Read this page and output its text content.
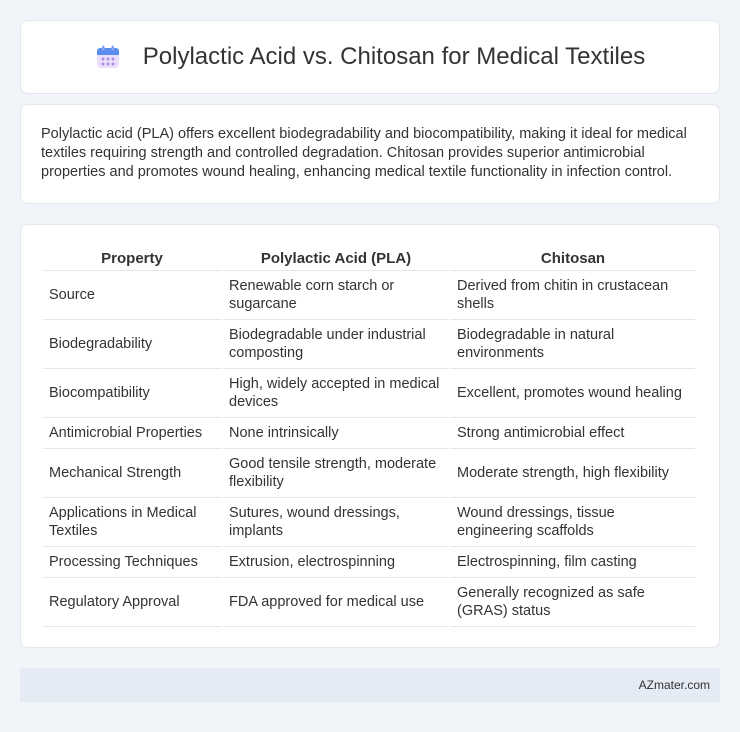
Polylactic Acid vs. Chitosan for Medical Textiles

Polylactic acid (PLA) offers excellent biodegradability and biocompatibility, making it ideal for medical textiles requiring strength and controlled degradation. Chitosan provides superior antimicrobial properties and promotes wound healing, enhancing medical textile functionality in infection control.

Property	Polylactic Acid (PLA)	Chitosan
Source	Renewable corn starch or sugarcane	Derived from chitin in crustacean shells
Biodegradability	Biodegradable under industrial composting	Biodegradable in natural environments
Biocompatibility	High, widely accepted in medical devices	Excellent, promotes wound healing
Antimicrobial Properties	None intrinsically	Strong antimicrobial effect
Mechanical Strength	Good tensile strength, moderate flexibility	Moderate strength, high flexibility
Applications in Medical Textiles	Sutures, wound dressings, implants	Wound dressings, tissue engineering scaffolds
Processing Techniques	Extrusion, electrospinning	Electrospinning, film casting
Regulatory Approval	FDA approved for medical use	Generally recognized as safe (GRAS) status
AZmater.com
